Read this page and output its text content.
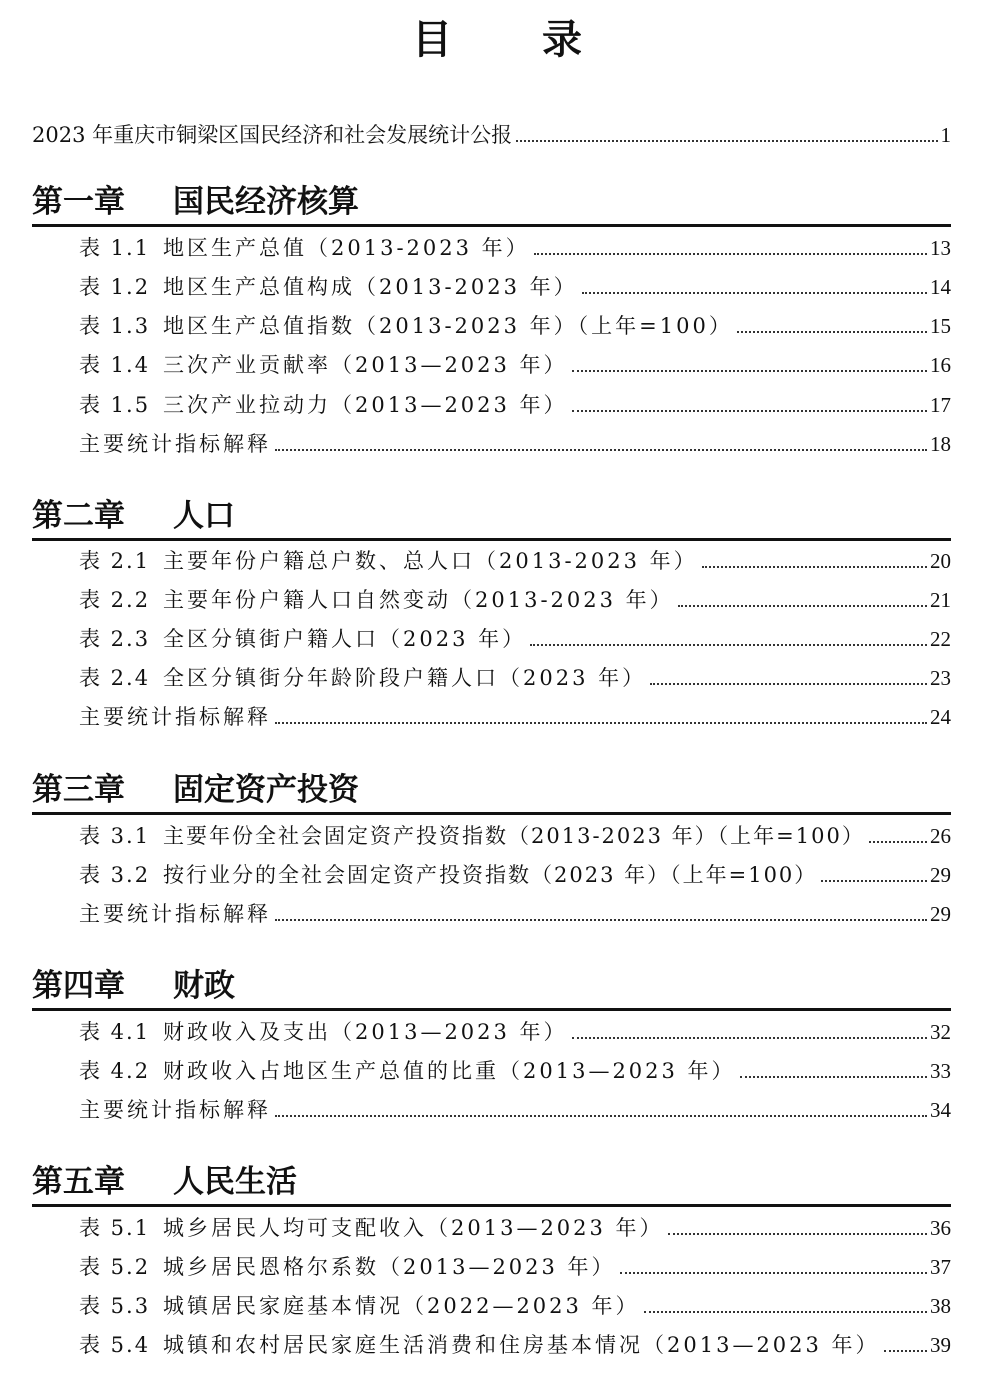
目 录
2023 年重庆市铜梁区国民经济和社会发展统计公报	1
第一章 国民经济核算
表 1.1 地区生产总值（2013-2023 年）	13
表 1.2 地区生产总值构成（2013-2023 年）	14
表 1.3 地区生产总值指数（2013-2023 年）（上年=100）	15
表 1.4 三次产业贡献率（2013—2023 年）	16
表 1.5 三次产业拉动力（2013—2023 年）	17
主要统计指标解释	18
第二章 人口
表 2.1 主要年份户籍总户数、总人口（2013-2023 年）	20
表 2.2 主要年份户籍人口自然变动（2013-2023 年）	21
表 2.3 全区分镇街户籍人口（2023 年）	22
表 2.4 全区分镇街分年龄阶段户籍人口（2023 年）	23
主要统计指标解释	24
第三章 固定资产投资
表 3.1 主要年份全社会固定资产投资指数（2013-2023 年）（上年=100）	26
表 3.2 按行业分的全社会固定资产投资指数（2023 年）（上年=100）	29
主要统计指标解释	29
第四章 财政
表 4.1 财政收入及支出（2013—2023 年）	32
表 4.2 财政收入占地区生产总值的比重（2013—2023 年）	33
主要统计指标解释	34
第五章 人民生活
表 5.1 城乡居民人均可支配收入（2013—2023 年）	36
表 5.2 城乡居民恩格尔系数（2013—2023 年）	37
表 5.3 城镇居民家庭基本情况（2022—2023 年）	38
表 5.4 城镇和农村居民家庭生活消费和住房基本情况（2013—2023 年） 39
